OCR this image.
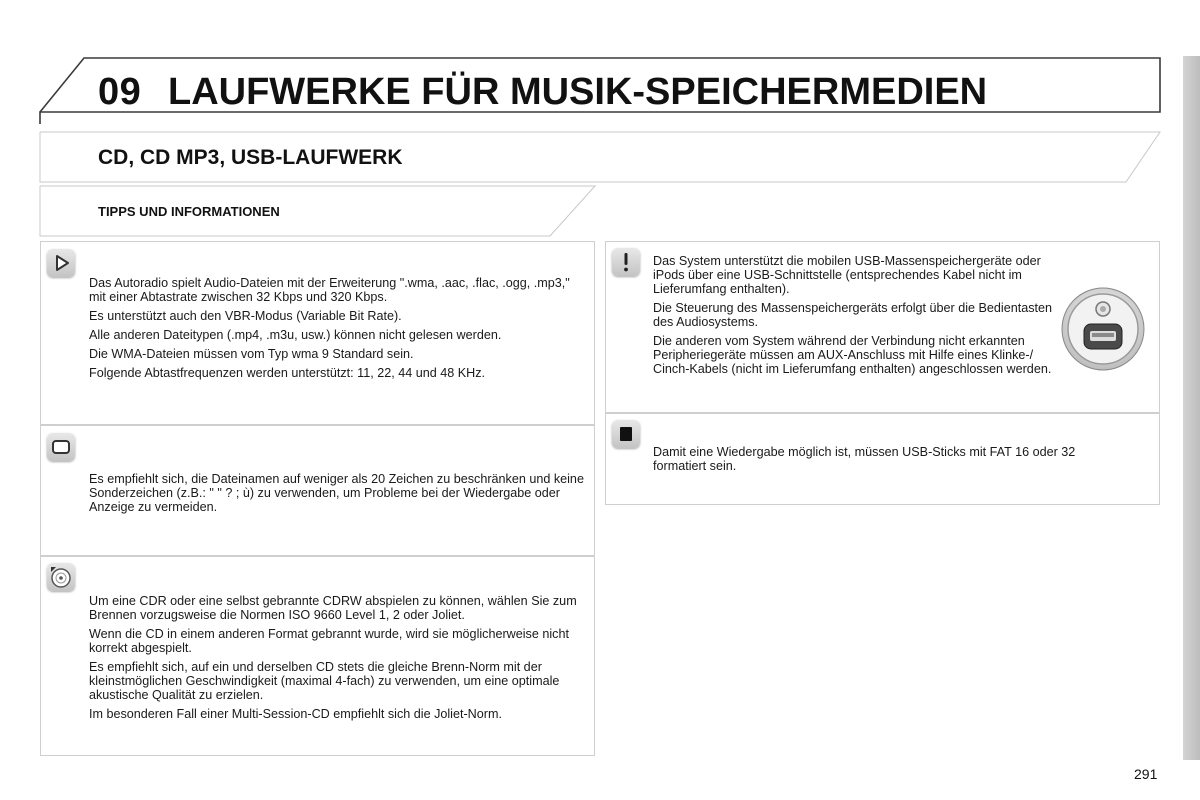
09 LAUFWERKE FÜR MUSIK-SPEICHERMEDIEN
CD, CD MP3, USB-LAUFWERK
TIPPS UND INFORMATIONEN

Das Autoradio spielt Audio-Dateien mit der Erweiterung ".wma, .aac, .flac, .ogg, .mp3," mit einer Abtastrate zwischen 32 Kbps und 320 Kbps.

Es unterstützt auch den VBR-Modus (Variable Bit Rate).

Alle anderen Dateitypen (.mp4, .m3u, usw.) können nicht gelesen werden.

Die WMA-Dateien müssen vom Typ wma 9 Standard sein.

Folgende Abtastfrequenzen werden unterstützt: 11, 22, 44 und 48 KHz.

Es empfiehlt sich, die Dateinamen auf weniger als 20 Zeichen zu beschränken und keine Sonderzeichen (z.B.: " " ? ; ù) zu verwenden, um Probleme bei der Wiedergabe oder Anzeige zu vermeiden.

Um eine CDR oder eine selbst gebrannte CDRW abspielen zu können, wählen Sie zum Brennen vorzugsweise die Normen ISO 9660 Level 1, 2 oder Joliet.

Wenn die CD in einem anderen Format gebrannt wurde, wird sie möglicherweise nicht korrekt abgespielt.

Es empfiehlt sich, auf ein und derselben CD stets die gleiche Brenn-Norm mit der kleinstmöglichen Geschwindigkeit (maximal 4-fach) zu verwenden, um eine optimale akustische Qualität zu erzielen.

Im besonderen Fall einer Multi-Session-CD empfiehlt sich die Joliet-Norm.

Das System unterstützt die mobilen USB-Massenspeichergeräte oder iPods über eine USB-Schnittstelle (entsprechendes Kabel nicht im Lieferumfang enthalten).

Die Steuerung des Massenspeichergeräts erfolgt über die Bedientasten des Audiosystems.

Die anderen vom System während der Verbindung nicht erkannten Peripheriegeräte müssen am AUX-Anschluss mit Hilfe eines Klinke-/ Cinch-Kabels (nicht im Lieferumfang enthalten) angeschlossen werden.

Damit eine Wiedergabe möglich ist, müssen USB-Sticks mit FAT 16 oder 32 formatiert sein.

291
